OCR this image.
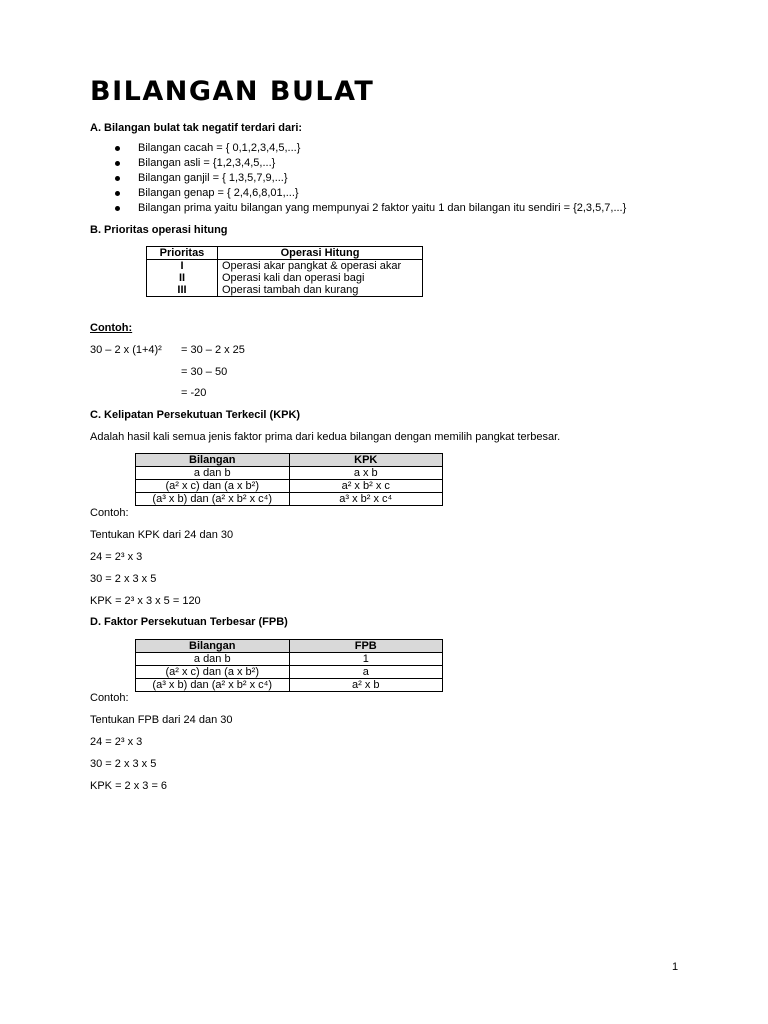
BILANGAN BULAT
A. Bilangan bulat tak negatif terdari dari:
Bilangan cacah = { 0,1,2,3,4,5,...}
Bilangan asli = {1,2,3,4,5,...}
Bilangan ganjil = { 1,3,5,7,9,...}
Bilangan genap = { 2,4,6,8,01,...}
Bilangan prima yaitu bilangan yang mempunyai 2 faktor yaitu 1 dan bilangan itu sendiri = {2,3,5,7,...}
B. Prioritas operasi hitung
Prioritas	Operasi Hitung
I	Operasi akar pangkat & operasi akar
II	Operasi kali dan operasi bagi
III	Operasi tambah dan kurang
Contoh:
30 – 2 x (1+4)² = 30 – 2 x 25
= 30 – 50
= -20
C. Kelipatan Persekutuan Terkecil (KPK)
Adalah hasil kali semua jenis faktor prima dari kedua bilangan dengan memilih pangkat terbesar.
Bilangan	KPK
a dan b	a x b
(a² x c) dan (a x b²)	a² x b² x c
(a³ x b) dan (a² x b² x c⁴)	a³ x b² x c⁴
Contoh:
Tentukan KPK dari 24 dan 30
24 = 2³ x 3
30 = 2 x 3 x 5
KPK = 2³ x 3 x 5 = 120
D. Faktor Persekutuan Terbesar (FPB)
Bilangan	FPB
a dan b	1
(a² x c) dan (a x b²)	a
(a³ x b) dan (a² x b² x c⁴)	a² x b
Contoh:
Tentukan FPB dari 24 dan 30
24 = 2³ x 3
30 = 2 x 3 x 5
KPK = 2 x 3 = 6
1
